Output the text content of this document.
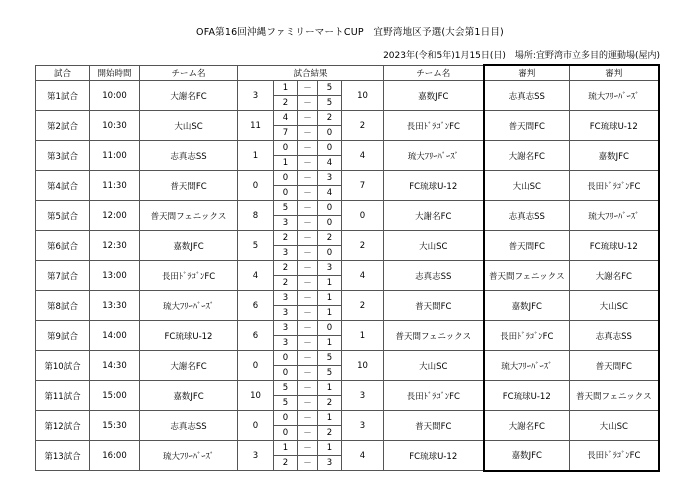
OFA第16回沖縄ファミリーマートCUP　宜野湾地区予選(大会第1日目)
2023年(令和5年)1月15日(日)　場所:宜野湾市立多目的運動場(屋内)
試合	開始時間	チーム名	試合結果					チーム名	審判	審判
第1試合	10:00	大謝名FC	3	1	－	5	10	嘉数JFC	志真志SS	琉大ﾌﾘｰﾊﾞｰｽﾞ
				2	－	5				
第2試合	10:30	大山SC	11	4	－	2	2	長田ﾄﾞﾗｺﾞﾝFC	普天間FC	FC琉球U-12
				7	－	0				
第3試合	11:00	志真志SS	1	0	－	0	4	琉大ﾌﾘｰﾊﾞｰｽﾞ	大謝名FC	嘉数JFC
				1	－	4				
第4試合	11:30	普天間FC	0	0	－	3	7	FC琉球U-12	大山SC	長田ﾄﾞﾗｺﾞﾝFC
				0	－	4				
第5試合	12:00	普天間フェニックス	8	5	－	0	0	大謝名FC	志真志SS	琉大ﾌﾘｰﾊﾞｰｽﾞ
				3	－	0				
第6試合	12:30	嘉数JFC	5	2	－	2	2	大山SC	普天間FC	FC琉球U-12
				3	－	0				
第7試合	13:00	長田ﾄﾞﾗｺﾞﾝFC	4	2	－	3	4	志真志SS	普天間フェニックス	大謝名FC
				2	－	1				
第8試合	13:30	琉大ﾌﾘｰﾊﾞｰｽﾞ	6	3	－	1	2	普天間FC	嘉数JFC	大山SC
				3	－	1				
第9試合	14:00	FC琉球U-12	6	3	－	0	1	普天間フェニックス	長田ﾄﾞﾗｺﾞﾝFC	志真志SS
				3	－	1				
第10試合	14:30	大謝名FC	0	0	－	5	10	大山SC	琉大ﾌﾘｰﾊﾞｰｽﾞ	普天間FC
				0	－	5				
第11試合	15:00	嘉数JFC	10	5	－	1	3	長田ﾄﾞﾗｺﾞﾝFC	FC琉球U-12	普天間フェニックス
				5	－	2				
第12試合	15:30	志真志SS	0	0	－	1	3	普天間FC	大謝名FC	大山SC
				0	－	2				
第13試合	16:00	琉大ﾌﾘｰﾊﾞｰｽﾞ	3	1	－	1	4	FC琉球U-12	嘉数JFC	長田ﾄﾞﾗｺﾞﾝFC
				2	－	3				
